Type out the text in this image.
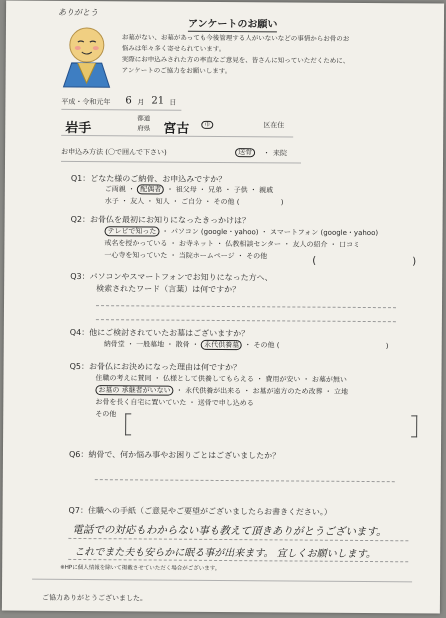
ありがとう
アンケートのお願い
お墓がない、お墓があっても今後管理する人がいないなどの事情からお骨のお
悩みは年々多く寄せられています。
実際にお申込みされた方の率直なご意見を、皆さんに知っていただくために、
アンケートのご協力をお願いします。
平成・令和元年 6 月 21 日
岩手
都道
府県 宮古	市	区在住
お申込み方法 (〇で囲んで下さい)	送骨	・ 来院
Q1：どなた様のご納骨、お申込みですか？
ご両親 ・ 配偶者 ・ 祖父母 ・ 兄弟 ・ 子供 ・ 親戚
水子 ・ 友人 ・ 知人 ・ ご自分 ・ その他 (	)
Q2：お骨仏を最初にお知りになったきっかけは？
テレビで知った ・ パソコン (google・yahoo) ・ スマートフォン (google・yahoo)
戒名を授かっている ・ お寺ネット ・ 仏教相談センター ・ 友人の紹介 ・ 口コミ
一心寺を知っていた ・ 当院ホームページ ・ その他	(	)
Q3：パソコンやスマートフォンでお知りになった方へ、
検索されたワード（言葉）は何ですか？
Q4：他にご検討されていたお墓はございますか？
納骨堂 ・ 一般墓地 ・ 散骨 ・ 永代供養墓 ・ その他 (	)
Q5：お骨仏にお決めになった理由は何ですか？
住職の考えに賛同 ・ 仏様として供養してもらえる ・ 費用が安い ・ お墓が無い
お墓の 承継者がいない ・ 永代供養が出来る ・ お墓が遠方のため改葬 ・ 立地
お骨を長く自宅に置いていた ・ 送骨で申し込める
その他
Q6：納骨で、何か悩み事やお困りごとはございましたか？
Q7：住職への手紙（ご意見やご要望がございましたらお書きください。）
電話での対応もわからない事も教えて頂きありがとうございます。
これでまた夫も安らかに眠る事が出来ます。 宜しくお願いします。
※HPに個人情報を除いて掲載させていただく場合がございます。
ご協力ありがとうございました。
